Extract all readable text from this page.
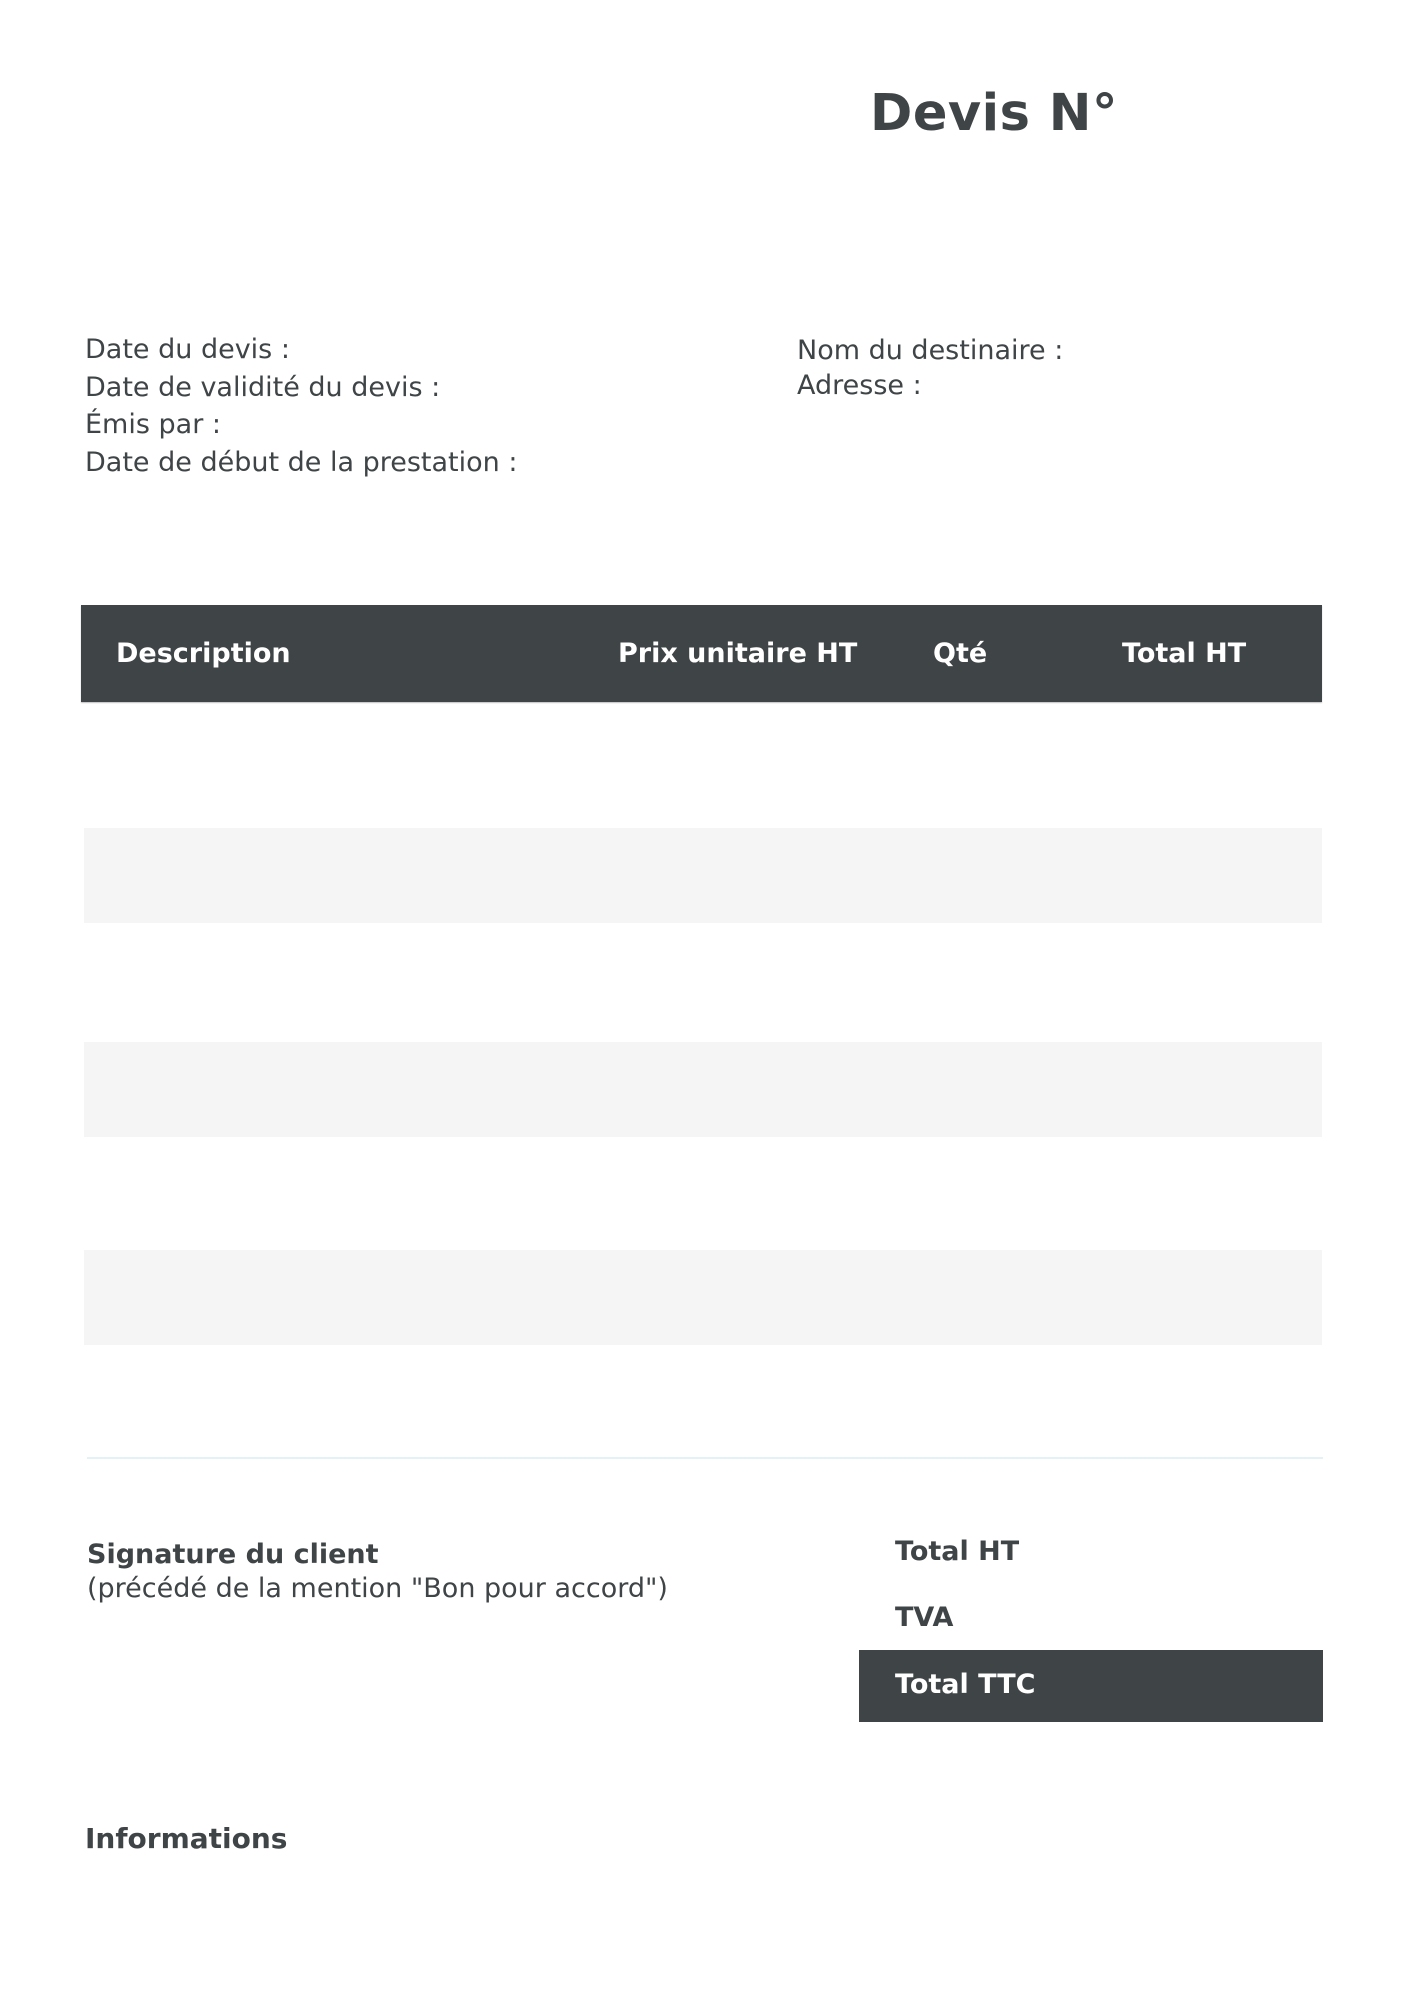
Devis N°
Date du devis :
Date de validité du devis :
Émis par :
Date de début de la prestation :
Nom du destinaire :
Adresse :
Description	Prix unitaire HT	Qté	Total HT
Signature du client
(précédé de la mention "Bon pour accord")
Total HT
TVA
Total TTC
Informations
